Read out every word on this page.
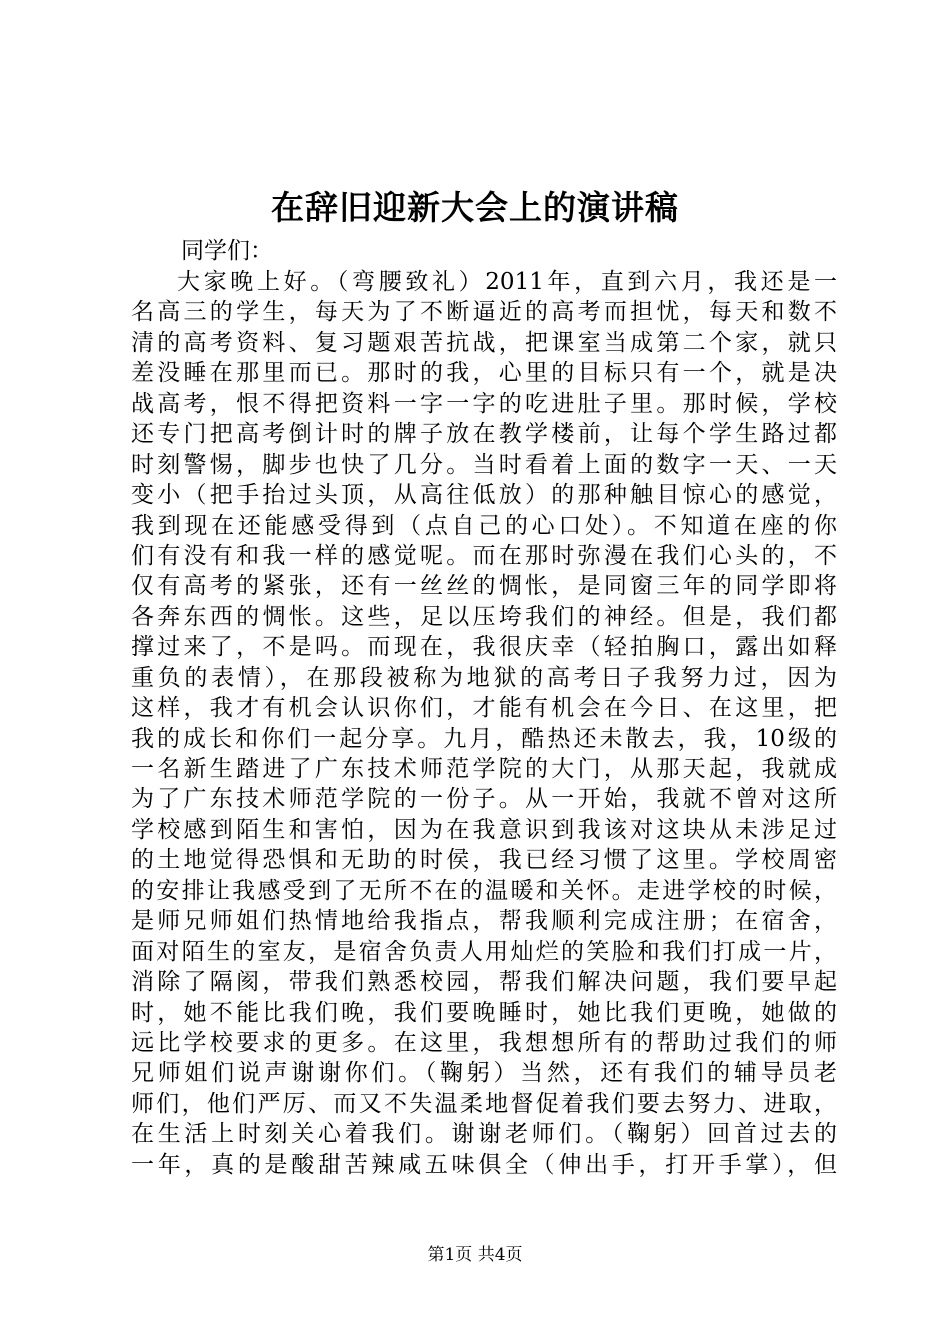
在辞旧迎新大会上的演讲稿

同学们：

大家晚上好。（弯腰致礼）2011年，直到六月，我还是一
名高三的学生，每天为了不断逼近的高考而担忧，每天和数不
清的高考资料、复习题艰苦抗战，把课室当成第二个家，就只
差没睡在那里而已。那时的我，心里的目标只有一个，就是决
战高考，恨不得把资料一字一字的吃进肚子里。那时候，学校
还专门把高考倒计时的牌子放在教学楼前，让每个学生路过都
时刻警惕，脚步也快了几分。当时看着上面的数字一天、一天
变小（把手抬过头顶，从高往低放）的那种触目惊心的感觉，
我到现在还能感受得到（点自己的心口处）。不知道在座的你
们有没有和我一样的感觉呢。而在那时弥漫在我们心头的，不
仅有高考的紧张，还有一丝丝的惆怅，是同窗三年的同学即将
各奔东西的惆怅。这些，足以压垮我们的神经。但是，我们都
撑过来了，不是吗。而现在，我很庆幸（轻拍胸口，露出如释
重负的表情），在那段被称为地狱的高考日子我努力过，因为
这样，我才有机会认识你们，才能有机会在今日、在这里，把
我的成长和你们一起分享。九月，酷热还未散去，我，10级的
一名新生踏进了广东技术师范学院的大门，从那天起，我就成
为了广东技术师范学院的一份子。从一开始，我就不曾对这所
学校感到陌生和害怕，因为在我意识到我该对这块从未涉足过
的土地觉得恐惧和无助的时侯，我已经习惯了这里。学校周密
的安排让我感受到了无所不在的温暖和关怀。走进学校的时候，
是师兄师姐们热情地给我指点，帮我顺利完成注册；在宿舍，
面对陌生的室友，是宿舍负责人用灿烂的笑脸和我们打成一片，
消除了隔阂，带我们熟悉校园，帮我们解决问题，我们要早起
时，她不能比我们晚，我们要晚睡时，她比我们更晚，她做的
远比学校要求的更多。在这里，我想想所有的帮助过我们的师
兄师姐们说声谢谢你们。（鞠躬）当然，还有我们的辅导员老
师们，他们严厉、而又不失温柔地督促着我们要去努力、进取，
在生活上时刻关心着我们。谢谢老师们。（鞠躬）回首过去的
一年，真的是酸甜苦辣咸五味俱全（伸出手，打开手掌），但
第1页 共4页
